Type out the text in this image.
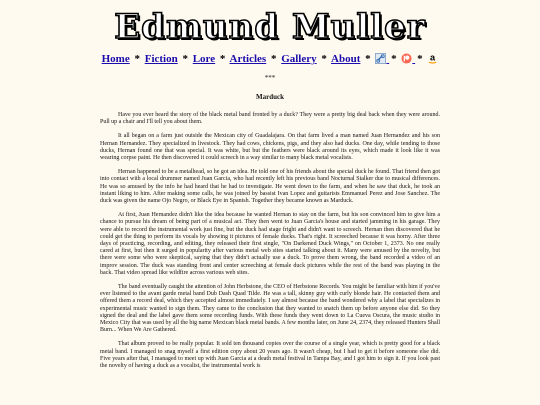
Edmund Muller
Home * Fiction * Lore * Articles * Gallery * About * * * a
***
Marduck

Have you ever heard the story of the black metal band fronted by a duck? They were a pretty big deal back when they were around. Pull up a chair and I'll tell you about them.

It all began on a farm just outside the Mexican city of Guadalajara. On that farm lived a man named Juan Hernandez and his son Hernan Hernandez. They specialized in livestock. They had cows, chickens, pigs, and they also had ducks. One day, while tending to those ducks, Hernan found one that was special. It was white, but but the feathers were black around its eyes, which made it look like it was wearing corpse paint. He then discovered it could screech in a way similar to many black metal vocalists.

Hernan happened to be a metalhead, so he got an idea. He told one of his friends about the special duck he found. That friend then got into contact with a local drummer named Juan Garcia, who had recently left his previous band Nocturnal Stalker due to musical differences. He was so amused by the info he had heard that he had to investigate. He went down to the farm, and when he saw that duck, he took an instant liking to him. After making some calls, he was joined by bassist Ivan Lopez and guitarists Emmanuel Perez and Jose Sanchez. The duck was given the name Ojo Negro, or Black Eye in Spanish. Together they became known as Marduck.

At first, Juan Hernandez didn't like the idea because he wanted Hernan to stay on the farm, but his son convinced him to give him a chance to pursue his dream of being part of a musical act. They then went to Juan Garcia's house and started jamming in his garage. They were able to record the instrumental work just fine, but the duck had stage fright and didn't want to screech. Hernan then discovered that he could get the thing to perform its vocals by showing it pictures of female ducks. That's right. It screeched because it was horny. After three days of practicing, recording, and editing, they released their first single, "On Darkened Duck Wings," on October 1, 2373. No one really cared at first, but then it surged in popularity after various metal web sites started talking about it. Many were amused by the novelty, but there were some who were skeptical, saying that they didn't actually use a duck. To prove them wrong, the band recorded a video of an improv session. The duck was standing front and center screeching at female duck pictures while the rest of the band was playing in the back. That video spread like wildfire across various web sites.

The band eventually caught the attention of John Herbstone, the CEO of Herbstone Records. You might be familiar with him if you've ever listened to the avant garde metal band Dub Dash Quad Tilde. He was a tall, skinny guy with curly blonde hair. He contacted them and offered them a record deal, which they accepted almost immediately. I say almost because the band wondered why a label that specializes in experimental music wanted to sign them. They came to the conclusion that they wanted to snatch them up before anyone else did. So they signed the deal and the label gave them some recording funds. With these funds they went down to La Cueva Oscura, the music studio in Mexico City that was used by all the big name Mexican black metal bands. A few months later, on June 24, 2374, they released Hunters Shall Burn... When We Are Gathered.

That album proved to be really popular. It sold ten thousand copies over the course of a single year, which is pretty good for a black metal band. I managed to snag myself a first edition copy about 20 years ago. It wasn't cheap, but I had to get it before someone else did. Five years after that, I managed to meet up with Juan Garcia at a death metal festival in Tampa Bay, and I got him to sign it. If you look past the novelty of having a duck as a vocalist, the instrumental work is
